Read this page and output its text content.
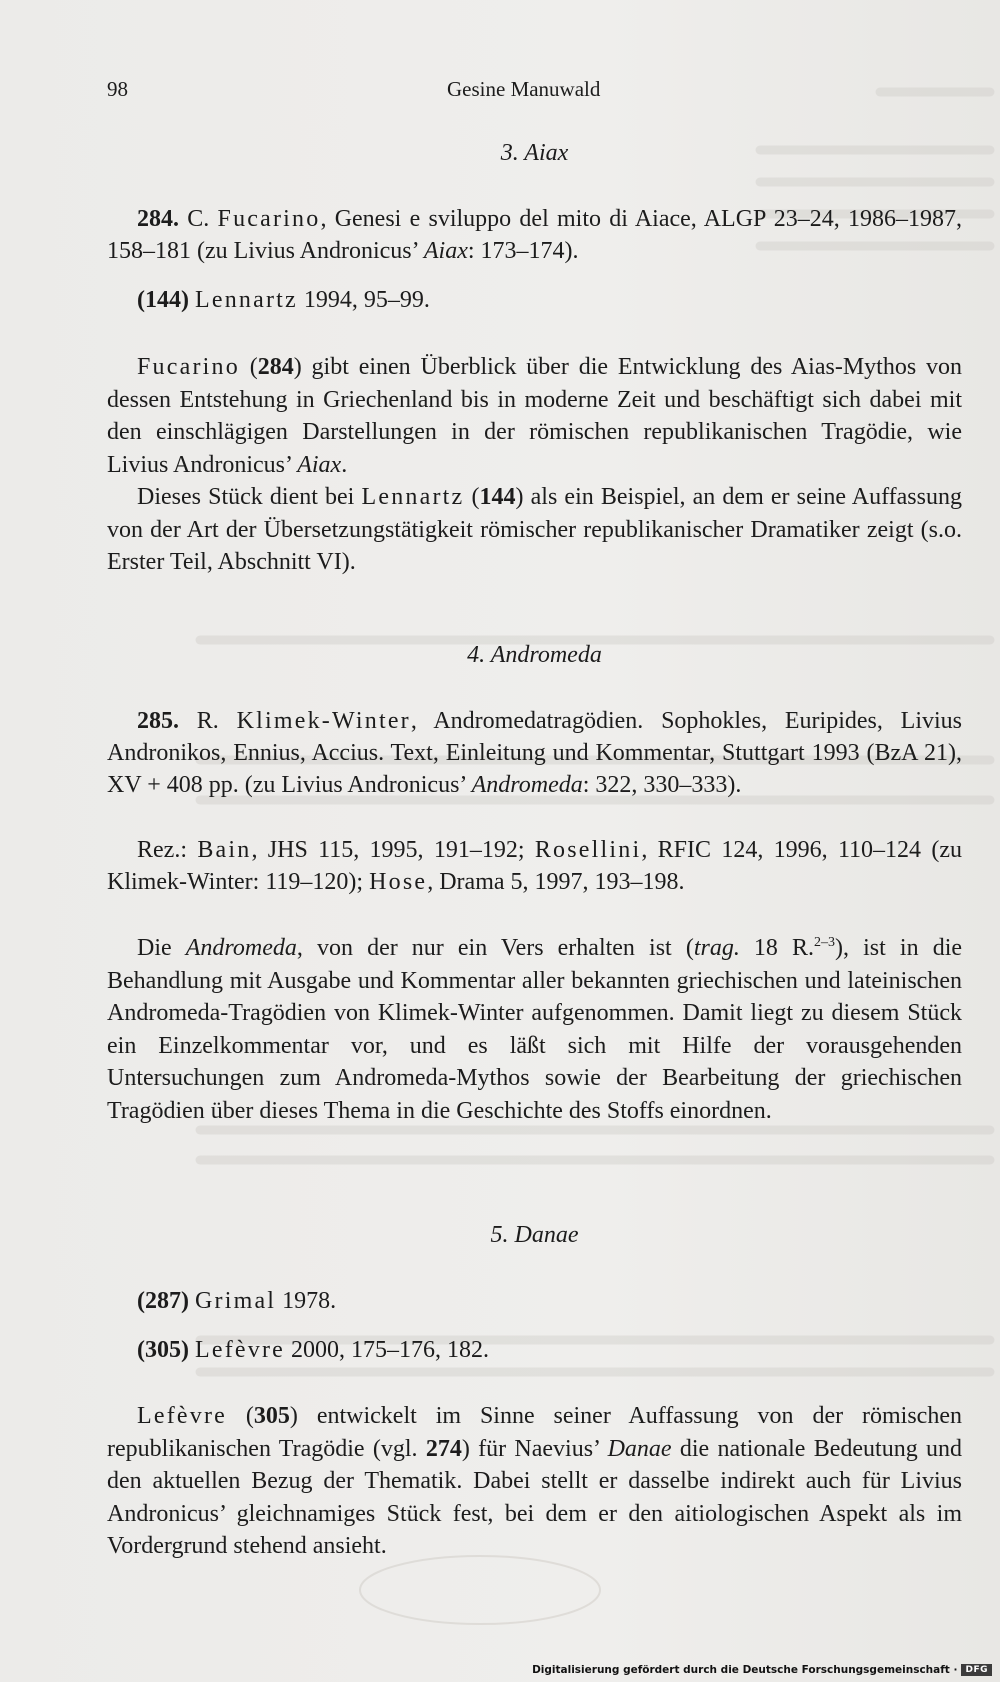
98	Gesine Manuwald
3. Aiax
284. C. Fucarino, Genesi e sviluppo del mito di Aiace, ALGP 23–24, 1986–1987, 158–181 (zu Livius Andronicus’ Aiax: 173–174).
(144) Lennartz 1994, 95–99.

Fucarino (284) gibt einen Überblick über die Entwicklung des Aias-Mythos von dessen Entstehung in Griechenland bis in moderne Zeit und beschäftigt sich dabei mit den einschlägigen Darstellungen in der römischen republikanischen Tragödie, wie Livius Andronicus’ Aiax.

Dieses Stück dient bei Lennartz (144) als ein Beispiel, an dem er seine Auffassung von der Art der Übersetzungstätigkeit römischer republikanischer Dramatiker zeigt (s.o. Erster Teil, Abschnitt VI).

4. Andromeda
285. R. Klimek-Winter, Andromedatragödien. Sophokles, Euripides, Livius Andronikos, Ennius, Accius. Text, Einleitung und Kommentar, Stuttgart 1993 (BzA 21), XV + 408 pp. (zu Livius Andronicus’ Andromeda: 322, 330–333).
Rez.: Bain, JHS 115, 1995, 191–192; Rosellini, RFIC 124, 1996, 110–124 (zu Klimek-Winter: 119–120); Hose, Drama 5, 1997, 193–198.

Die Andromeda, von der nur ein Vers erhalten ist (trag. 18 R.$^{2-3}$), ist in die Behandlung mit Ausgabe und Kommentar aller bekannten griechischen und lateinischen Andromeda-Tragödien von Klimek-Winter aufgenommen. Damit liegt zu diesem Stück ein Einzelkommentar vor, und es läßt sich mit Hilfe der vorausgehenden Untersuchungen zum Andromeda-Mythos sowie der Bearbeitung der griechischen Tragödien über dieses Thema in die Geschichte des Stoffs einordnen.

5. Danae
(287) Grimal 1978.
(305) Lefèvre 2000, 175–176, 182.

Lefèvre (305) entwickelt im Sinne seiner Auffassung von der römischen republikanischen Tragödie (vgl. 274) für Naevius’ Danae die nationale Bedeutung und den aktuellen Bezug der Thematik. Dabei stellt er dasselbe indirekt auch für Livius Andronicus’ gleichnamiges Stück fest, bei dem er den aitiologischen Aspekt als im Vordergrund stehend ansieht.

Digitalisierung gefördert durch die Deutsche Forschungsgemeinschaft · DFG
